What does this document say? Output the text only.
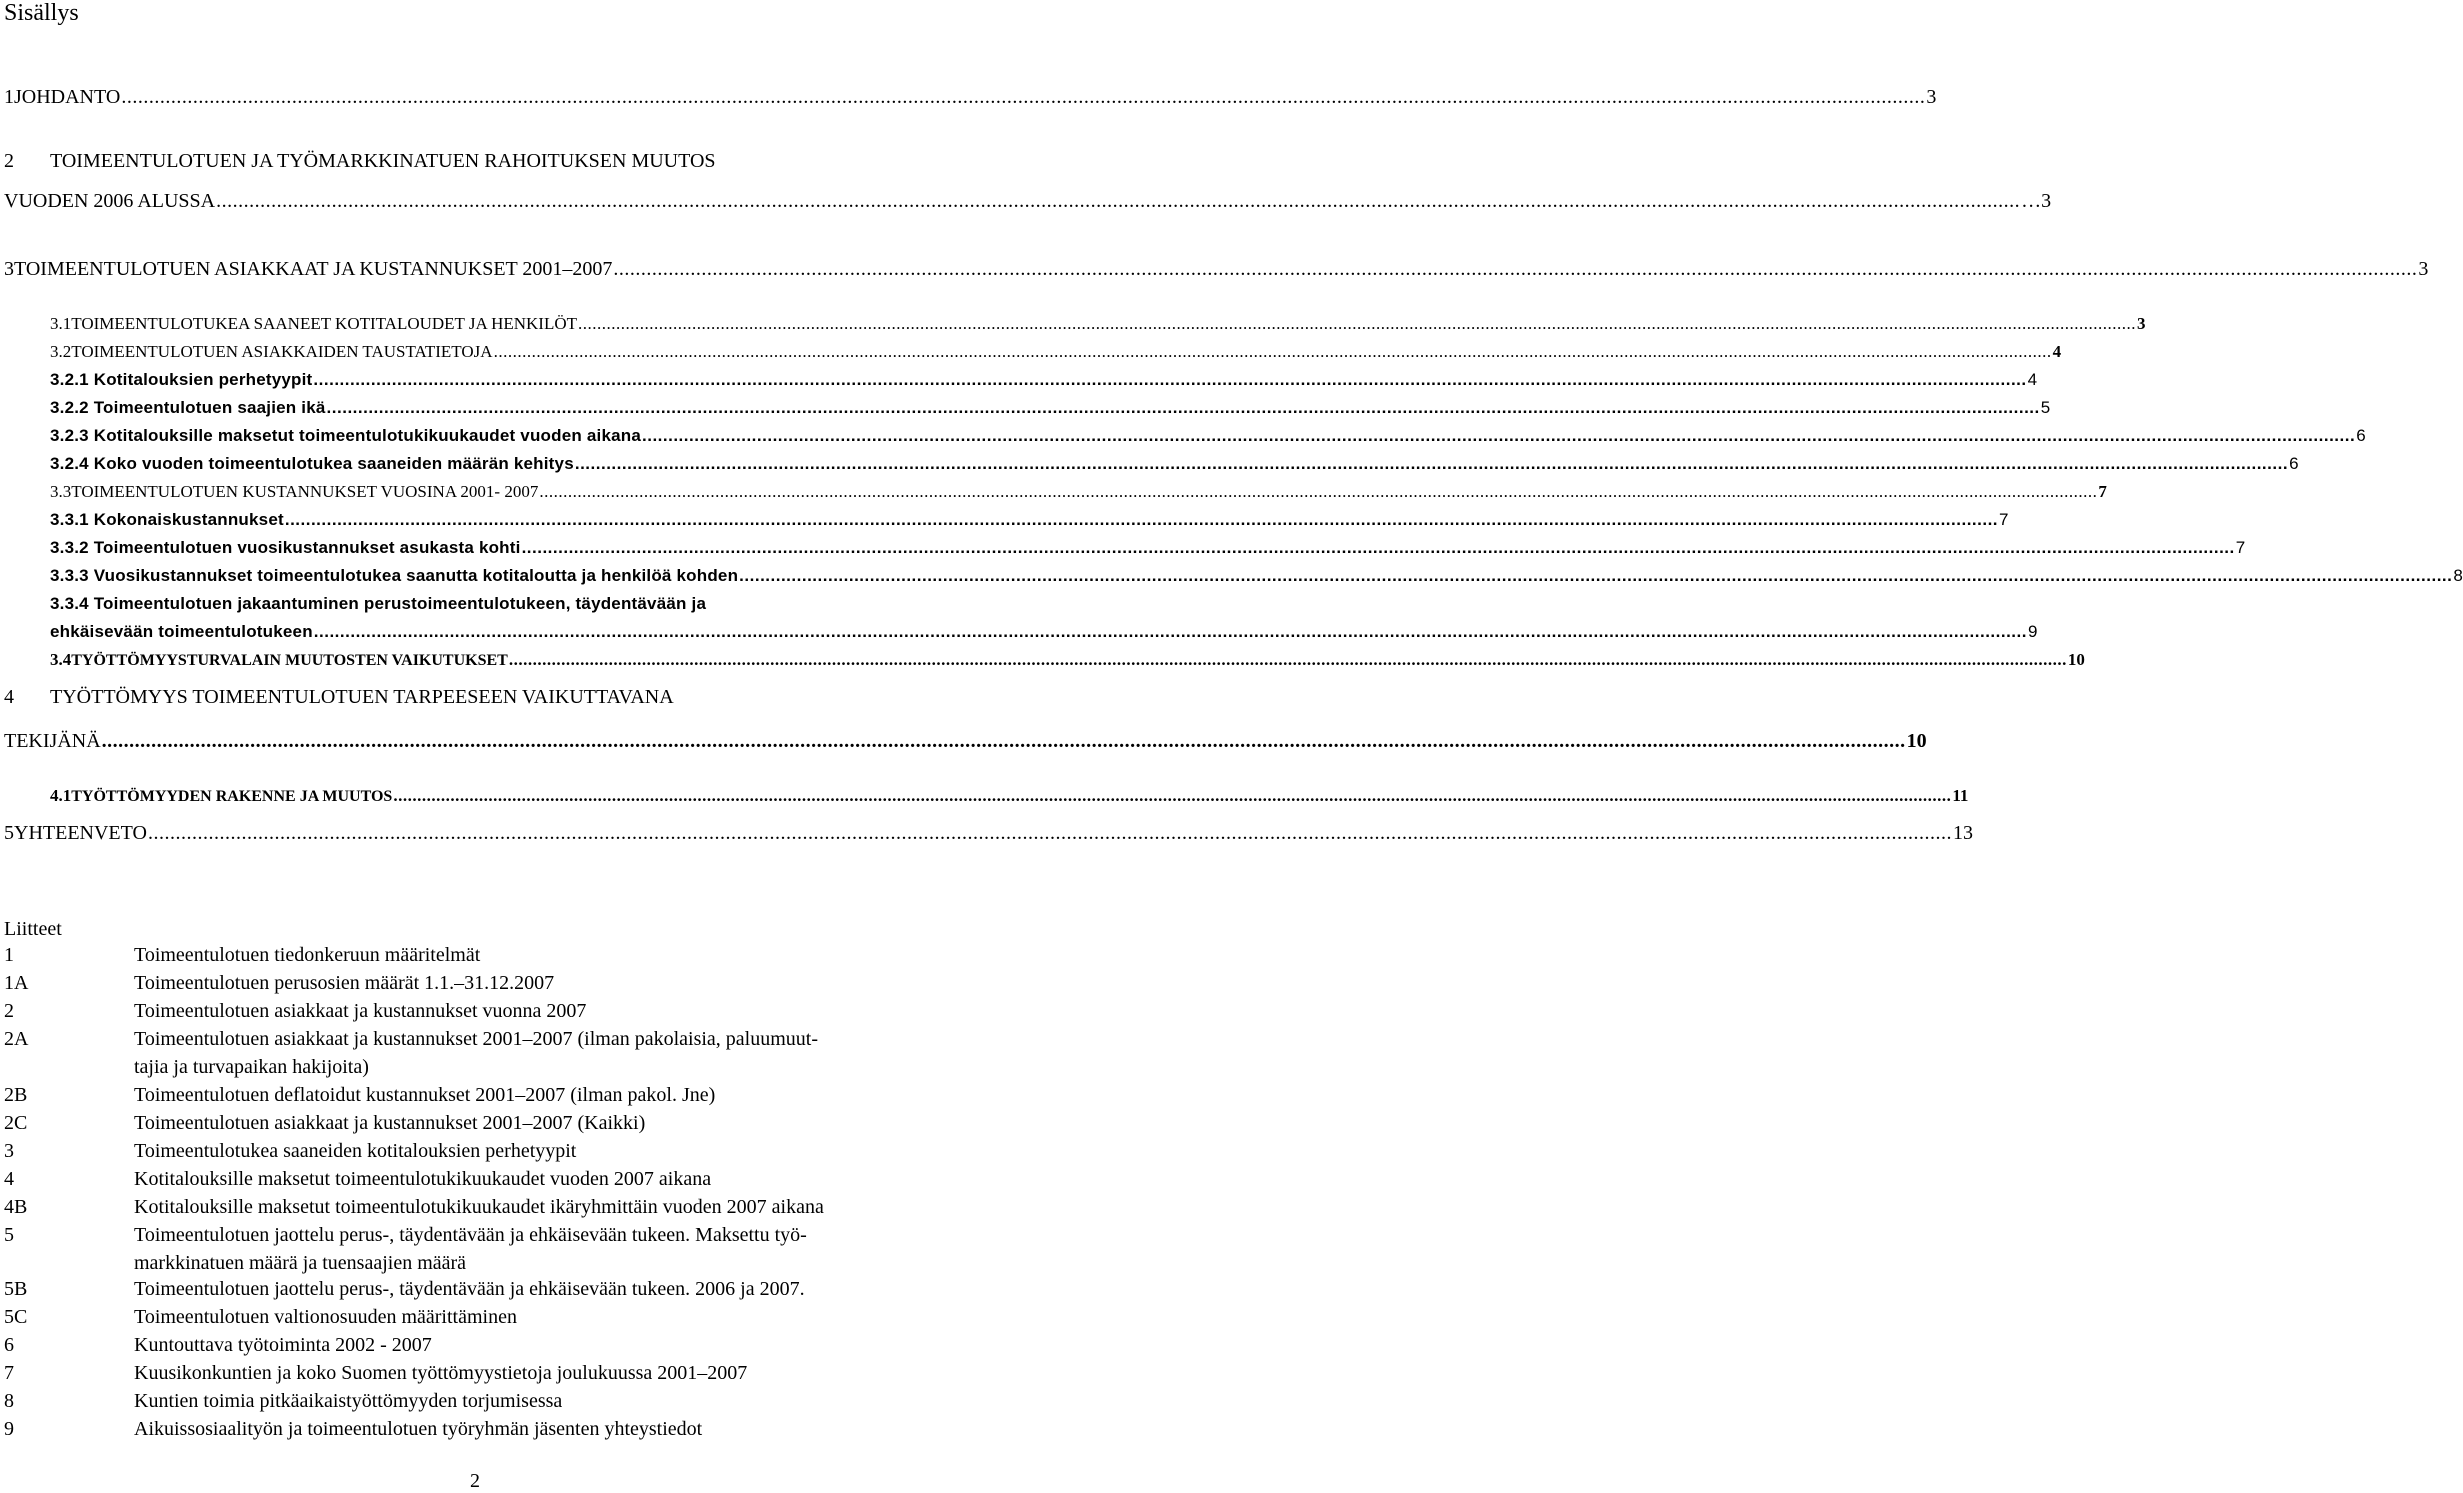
Sisällys
1 JOHDANTO .....	3
2 TOIMEENTULOTUEN JA TYÖMARKKINATUEN RAHOITUKSEN MUUTOS
VUODEN 2006 ALUSSA .....	… 3
3 TOIMEENTULOTUEN ASIAKKAAT JA KUSTANNUKSET 2001–2007 .....	3
3.1 TOIMEENTULOTUKEA SAANEET KOTITALOUDET JA HENKILÖT .....	3
3.2 TOIMEENTULOTUEN ASIAKKAIDEN TAUSTATIETOJA .....	4
3.2.1 Kotitalouksien perhetyypit .....	4
3.2.2 Toimeentulotuen saajien ikä .....	5
3.2.3 Kotitalouksille maksetut toimeentulotukikuukaudet vuoden aikana .....	6
3.2.4 Koko vuoden toimeentulotukea saaneiden määrän kehitys .....	6
3.3 TOIMEENTULOTUEN KUSTANNUKSET VUOSINA 2001- 2007 .....	7
3.3.1 Kokonaiskustannukset .....	7
3.3.2 Toimeentulotuen vuosikustannukset asukasta kohti .....	7
3.3.3 Vuosikustannukset toimeentulotukea saanutta kotitaloutta ja henkilöä kohden .....	8
3.3.4 Toimeentulotuen jakaantuminen perustoimeentulotukeen, täydentävään ja
ehkäisevään toimeentulotukeen .....	9
3.4 TYÖTTÖMYYSTURVALAIN MUUTOSTEN VAIKUTUKSET .....	10
4 TYÖTTÖMYYS TOIMEENTULOTUEN TARPEESEEN VAIKUTTAVANA
TEKIJÄNÄ .....	10
4.1 TYÖTTÖMYYDEN RAKENNE JA MUUTOS .....	11
5 YHTEENVETO .....	13
Liitteet
1	Toimeentulotuen tiedonkeruun määritelmät
1A	Toimeentulotuen perusosien määrät 1.1.–31.12.2007
2	Toimeentulotuen asiakkaat ja kustannukset vuonna 2007
2A	Toimeentulotuen asiakkaat ja kustannukset 2001–2007 (ilman pakolaisia, paluumuut-
tajia ja turvapaikan hakijoita)
2B	Toimeentulotuen deflatoidut kustannukset 2001–2007 (ilman pakol. Jne)
2C	Toimeentulotuen asiakkaat ja kustannukset 2001–2007 (Kaikki)
3	Toimeentulotukea saaneiden kotitalouksien perhetyypit
4	Kotitalouksille maksetut toimeentulotukikuukaudet vuoden 2007 aikana
4B	Kotitalouksille maksetut toimeentulotukikuukaudet ikäryhmittäin vuoden 2007 aikana
5	Toimeentulotuen jaottelu perus-, täydentävään ja ehkäisevään tukeen. Maksettu työ-
markkinatuen määrä ja tuensaajien määrä
5B	Toimeentulotuen jaottelu perus-, täydentävään ja ehkäisevään tukeen. 2006 ja 2007.
5C	Toimeentulotuen valtionosuuden määrittäminen
6	Kuntouttava työtoiminta 2002 - 2007
7	Kuusikonkuntien ja koko Suomen työttömyystietoja joulukuussa 2001–2007
8	Kuntien toimia pitkäaikaistyöttömyyden torjumisessa
9	Aikuissosiaalityön ja toimeentulotuen työryhmän jäsenten yhteystiedot
2
